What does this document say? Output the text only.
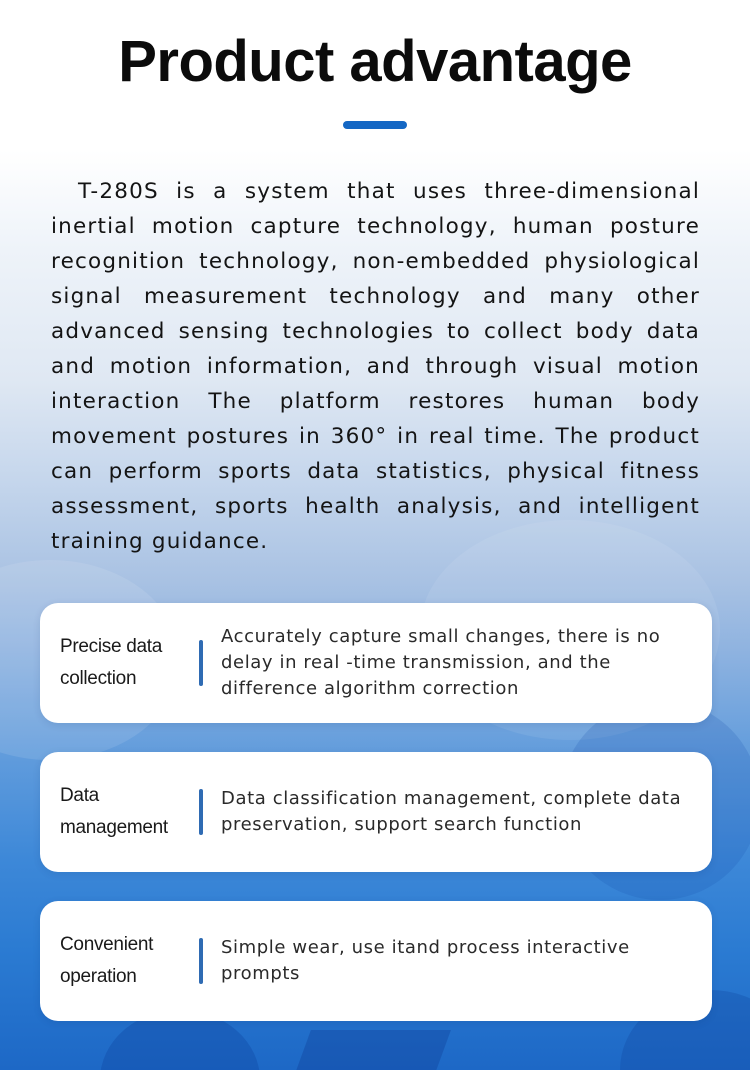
Product advantage

T-280S is a system that uses three-dimensional inertial motion capture technology, human posture recognition technology, non-embedded physiological signal measurement technology and many other advanced sensing technologies to collect body data and motion information, and through visual motion interaction The platform restores human body movement postures in 360° in real time. The product can perform sports data statistics, physical fitness assessment, sports health analysis, and intelligent training guidance.

Precise data collection
Accurately capture small changes, there is no delay in real -time transmission, and the difference algorithm correction
Data management
Data classification management, complete data preservation, support search function
Convenient operation
Simple wear, use itand process interactive prompts
